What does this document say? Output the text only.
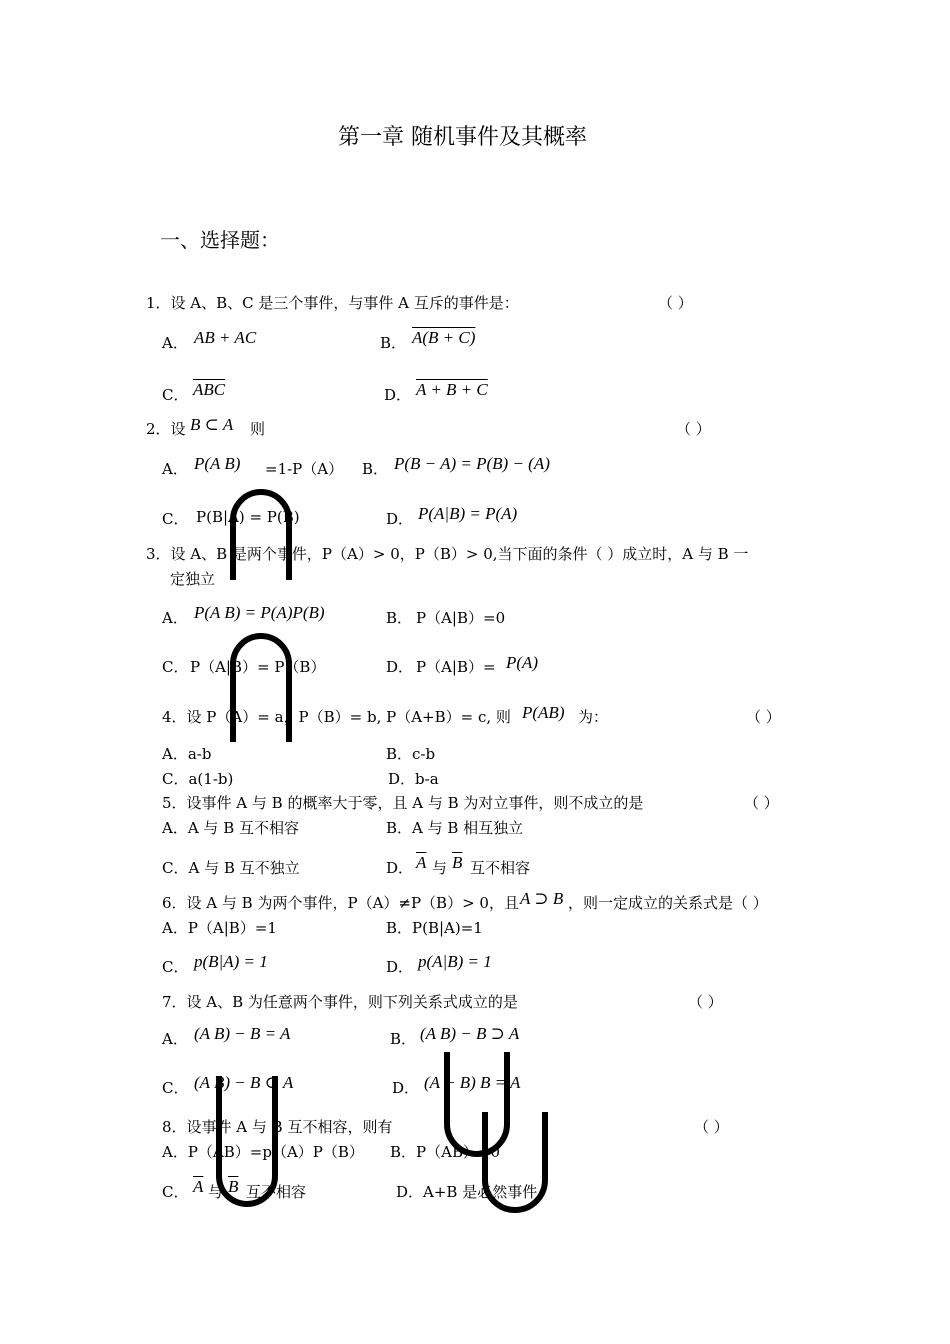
第一章 随机事件及其概率
一、选择题：
1．设 A、B、C 是三个事件，与事件 A 互斥的事件是：	（ ）
A． AB + AC	B． A(B + C)
C． $\overline{ABC}$	D． A + B + C
2．设 B ⊂ A 则	（ ）
A． P(A B) =1-P（A） B． P(B − A) = P(B) − (A)
C． P(B|A) = P(B)	D． P(A|B) = P(A)
3．设 A、B 是两个事件，P（A）> 0，P（B）> 0,当下面的条件（ ）成立时，A 与 B 一
定独立
A． P(A B) = P(A)P(B)	B． P（A|B）=0
C． P（A|B）= P（B）	D． P（A|B）= P(A)
4．设 P（A）= a，P（B）= b, P（A+B）= c, 则 P(AB) 为：	（ ）
A．a-b	B．c-b
C．a(1-b)	D．b-a
5．设事件 A 与 B 的概率大于零，且 A 与 B 为对立事件，则不成立的是	（ ）
A．A 与 B 互不相容	B．A 与 B 相互独立
C．A 与 B 互不独立	D． $\overline{A}$ 与 $\overline{B}$ 互不相容
6．设 A 与 B 为两个事件，P（A）≠P（B）> 0，且 A ⊃ B ，则一定成立的关系式是（ ）
A．P（A|B）=1	B．P(B|A)=1
C． p(B|A) = 1	D． p(A|B) = 1
7．设 A、B 为任意两个事件，则下列关系式成立的是	（ ）
A． (A B) − B = A	B． (A B) − B ⊃ A
C． (A B) − B ⊂ A	D． (A − B) B = A
8．设事件 A 与 B 互不相容，则有	（ ）
A．P（AB）=p（A）P（B） B．P（AB）=0
C． $\overline{A}$ 与 $\overline{B}$ 互不相容	D．A+B 是必然事件
